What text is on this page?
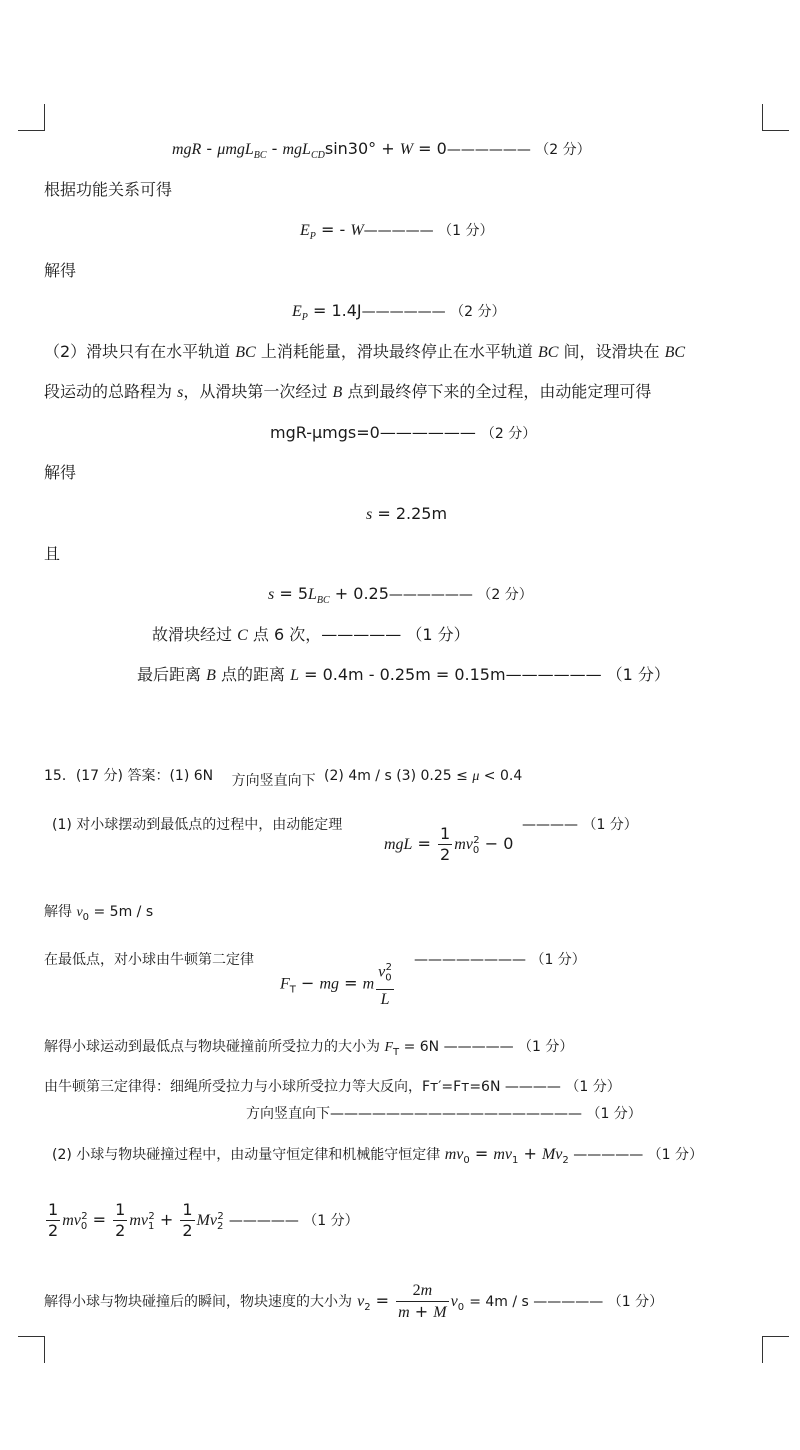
mgR - μmgL$_{BC}$ - mgL$_{CD}$sin30° + W = 0—————— （2 分）
根据功能关系可得
$E_P$ = - W————— （1 分）
解得
$E_P$ = 1.4J—————— （2 分）
（2）滑块只有在水平轨道 BC 上消耗能量，滑块最终停止在水平轨道 BC 间，设滑块在 BC
段运动的总路程为 s，从滑块第一次经过 B 点到最终停下来的全过程，由动能定理可得
mgR-μmgs=0—————— （2 分）
解得
s = 2.25m
且
$s = 5L_{BC}$ + 0.25—————— （2 分）
故滑块经过 C 点 6 次，————— （1 分）
最后距离 B 点的距离 L = 0.4m - 0.25m = 0.15m—————— （1 分）
15．(17 分) 答案：(1) 6N 方向竖直向下 (2) 4m / s (3) 0.25 ≤ μ < 0.4
(1) 对小球摆动到最低点的过程中，由动能定理
mgL = $\frac{1}{2} mv_0^2 - 0$
———— （1 分）
解得 $v_0 = 5m / s$
在最低点，对小球由牛顿第二定律	———————— （1 分）
$F_T$ − mg = m $\frac{v_0^2}{L}$
解得小球运动到最低点与物块碰撞前所受拉力的大小为 $F_T = 6N$ ————— （1 分）
由牛顿第三定律得：细绳所受拉力与小球所受拉力等大反向，Fт′=Fт=6N ———— （1 分）
方向竖直向下—————————————————— （1 分）
(2) 小球与物块碰撞过程中，由动量守恒定律和机械能守恒定律 $mv_0 = mv_1 + Mv_2$ ————— （1 分）
$\frac{1}{2} mv_0^2 = \frac{1}{2} mv_1^2 + \frac{1}{2} Mv_2^2$ ————— （1 分）
解得小球与物块碰撞后的瞬间，物块速度的大小为 $v_2 = \frac{2m}{m + M} v_0 = 4m / s$ ————— （1 分）
